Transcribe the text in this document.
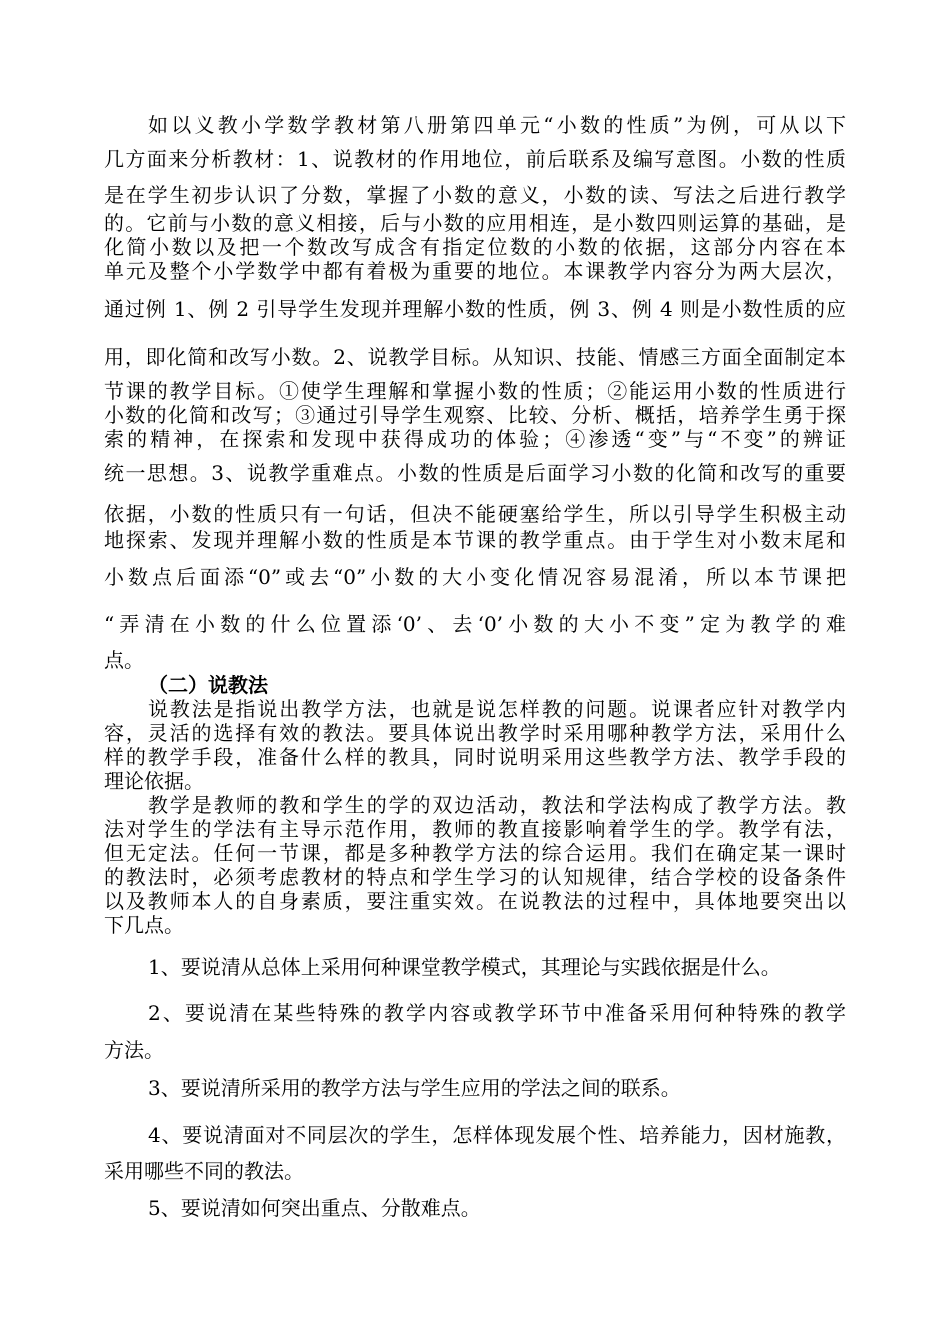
如以义教小学数学教材第八册第四单元“小数的性质”为例，可从以下
几方面来分析教材：1、说教材的作用地位，前后联系及编写意图。小数的性质
是在学生初步认识了分数，掌握了小数的意义，小数的读、写法之后进行教学
的。它前与小数的意义相接，后与小数的应用相连，是小数四则运算的基础，是
化简小数以及把一个数改写成含有指定位数的小数的依据，这部分内容在本
单元及整个小学数学中都有着极为重要的地位。本课教学内容分为两大层次，
通过例 1、例 2 引导学生发现并理解小数的性质，例 3、例 4 则是小数性质的应
用，即化简和改写小数。2、说教学目标。从知识、技能、情感三方面全面制定本
节课的教学目标。①使学生理解和掌握小数的性质；②能运用小数的性质进行
小数的化简和改写；③通过引导学生观察、比较、分析、概括，培养学生勇于探
索的精神，在探索和发现中获得成功的体验；④渗透“变”与“不变”的辨证
统一思想。3、说教学重难点。小数的性质是后面学习小数的化简和改写的重要
依据，小数的性质只有一句话，但决不能硬塞给学生，所以引导学生积极主动
地探索、发现并理解小数的性质是本节课的教学重点。由于学生对小数末尾和
小数点后面添“0”或去“0”小数的大小变化情况容易混淆，所以本节课把
“弄清在小数的什么位置添‘0’、去‘0’小数的大小不变”定为教学的难
点。
（二）说教法
说教法是指说出教学方法，也就是说怎样教的问题。说课者应针对教学内
容，灵活的选择有效的教法。要具体说出教学时采用哪种教学方法，采用什么
样的教学手段，准备什么样的教具，同时说明采用这些教学方法、教学手段的
理论依据。
教学是教师的教和学生的学的双边活动，教法和学法构成了教学方法。教
法对学生的学法有主导示范作用，教师的教直接影响着学生的学。教学有法，
但无定法。任何一节课，都是多种教学方法的综合运用。我们在确定某一课时
的教法时，必须考虑教材的特点和学生学习的认知规律，结合学校的设备条件
以及教师本人的自身素质，要注重实效。在说教法的过程中，具体地要突出以
下几点。
1、要说清从总体上采用何种课堂教学模式，其理论与实践依据是什么。
2、要说清在某些特殊的教学内容或教学环节中准备采用何种特殊的教学
方法。
3、要说清所采用的教学方法与学生应用的学法之间的联系。
4、要说清面对不同层次的学生，怎样体现发展个性、培养能力，因材施教，
采用哪些不同的教法。
5、要说清如何突出重点、分散难点。
